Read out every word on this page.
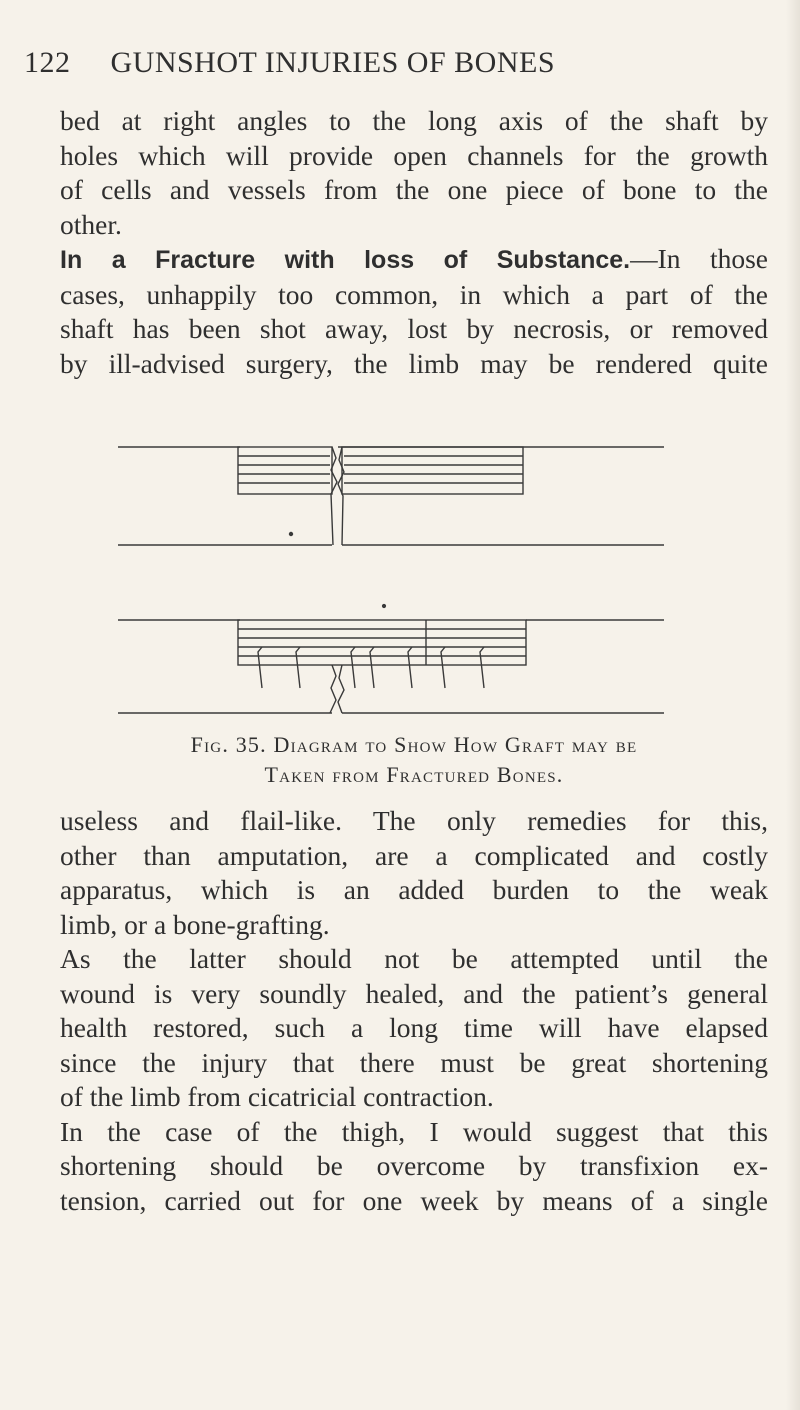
122 GUNSHOT INJURIES OF BONES
bed at right angles to the long axis of the shaft by
holes which will provide open channels for the growth
of cells and vessels from the one piece of bone to the
other.
In a Fracture with loss of Substance.—In those
cases, unhappily too common, in which a part of the
shaft has been shot away, lost by necrosis, or removed
by ill-advised surgery, the limb may be rendered quite
Fig. 35. Diagram to Show How Graft may be
Taken from Fractured Bones.
useless and flail-like. The only remedies for this,
other than amputation, are a complicated and costly
apparatus, which is an added burden to the weak
limb, or a bone-grafting.
As the latter should not be attempted until the
wound is very soundly healed, and the patient’s general
health restored, such a long time will have elapsed
since the injury that there must be great shortening
of the limb from cicatricial contraction.
In the case of the thigh, I would suggest that this
shortening should be overcome by transfixion ex-
tension, carried out for one week by means of a single
